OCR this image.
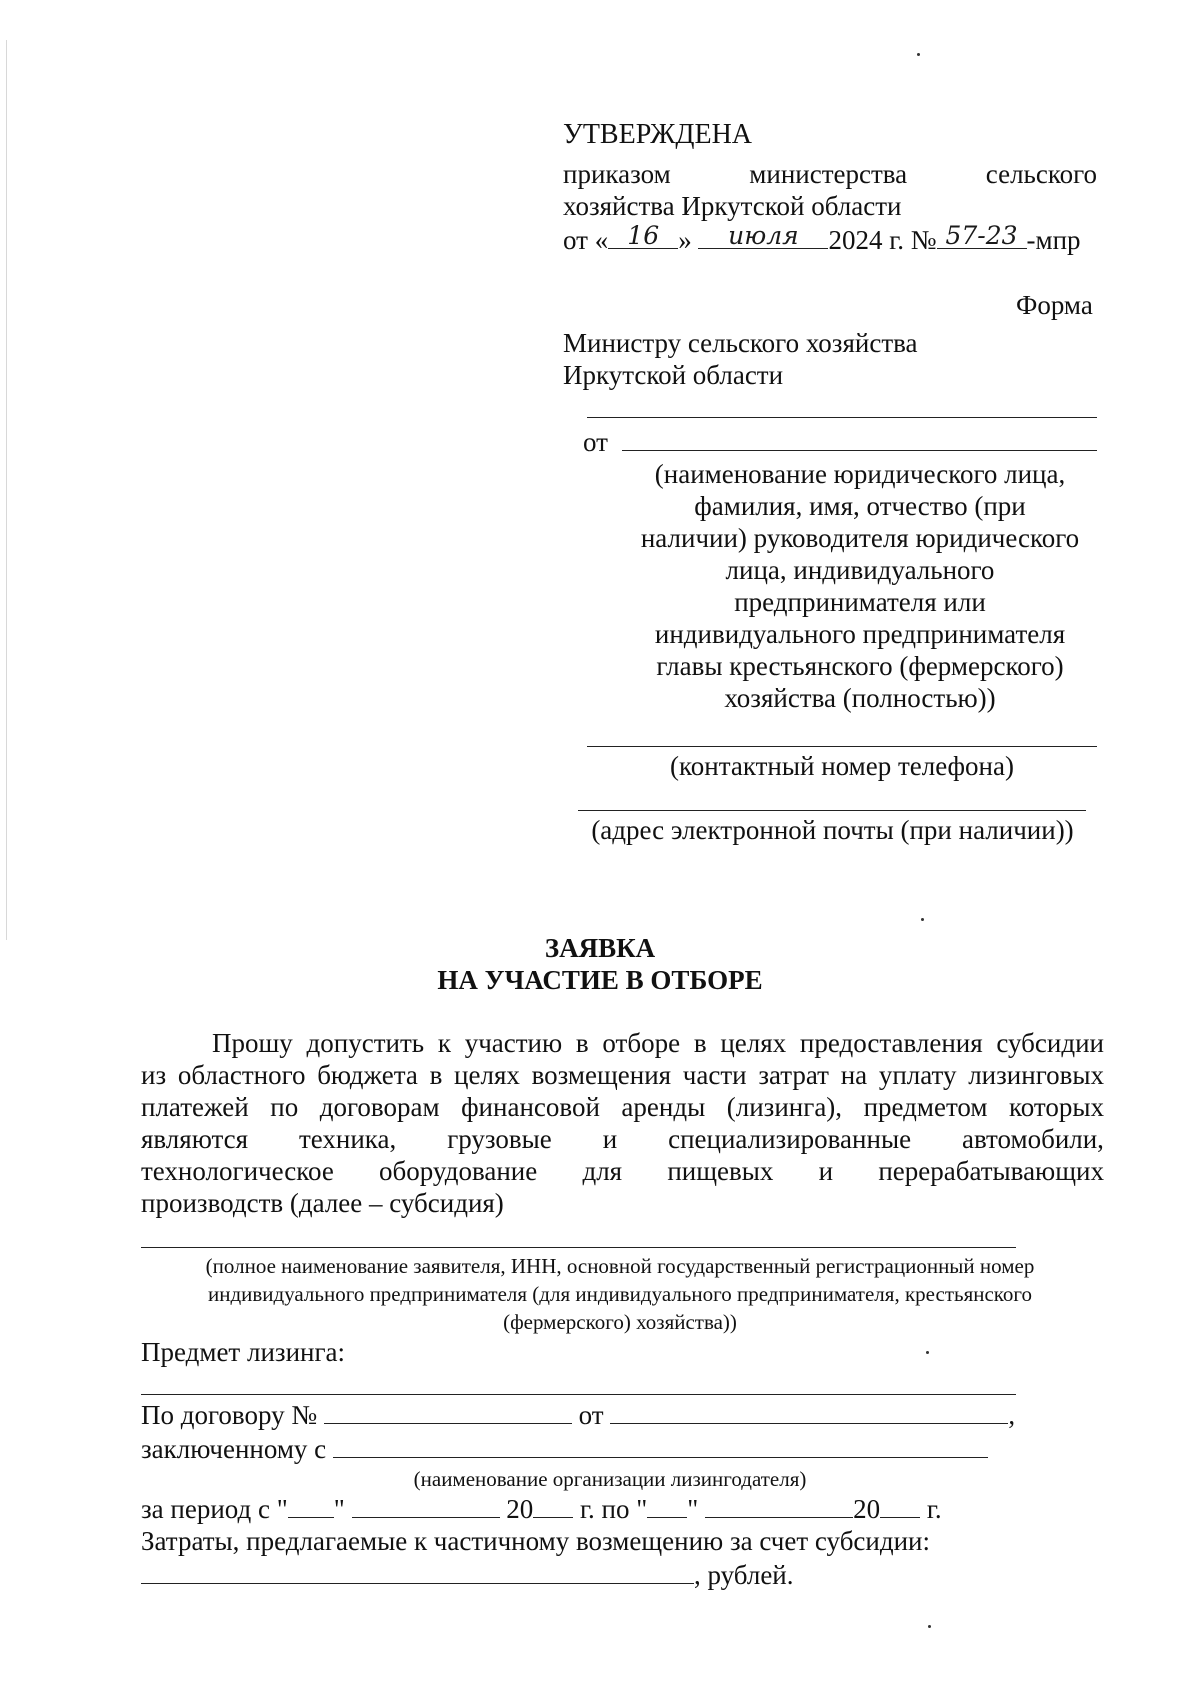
УТВЕРЖДЕНА
приказом	министерства	сельского
хозяйства Иркутской области
от « 16 »	июля	2024 г. № 57-23 -мпр
Форма
Министру сельского хозяйства
Иркутской области
от
(наименование юридического лица,
фамилия, имя, отчество (при
наличии) руководителя юридического
лица, индивидуального
предпринимателя или
индивидуального предпринимателя
главы крестьянского (фермерского)
хозяйства (полностью))
(контактный номер телефона)
(адрес электронной почты (при наличии))
ЗАЯВКА
НА УЧАСТИЕ В ОТБОРЕ
Прошу допустить к участию в отборе в целях предоставления субсидии
из областного бюджета в целях возмещения части затрат на уплату лизинговых
платежей по договорам финансовой аренды (лизинга), предметом которых
являются техника, грузовые и специализированные автомобили,
технологическое оборудование для пищевых и перерабатывающих
производств (далее – субсидия)
(полное наименование заявителя, ИНН, основной государственный регистрационный номер
индивидуального предпринимателя (для индивидуального предпринимателя, крестьянского
(фермерского) хозяйства))
Предмет лизинга:
По договору №	от	,
заключенному с
(наименование организации лизингодателя)
за период с " "	20 г. по " "	20 г.
Затраты, предлагаемые к частичному возмещению за счет субсидии:
, рублей.
